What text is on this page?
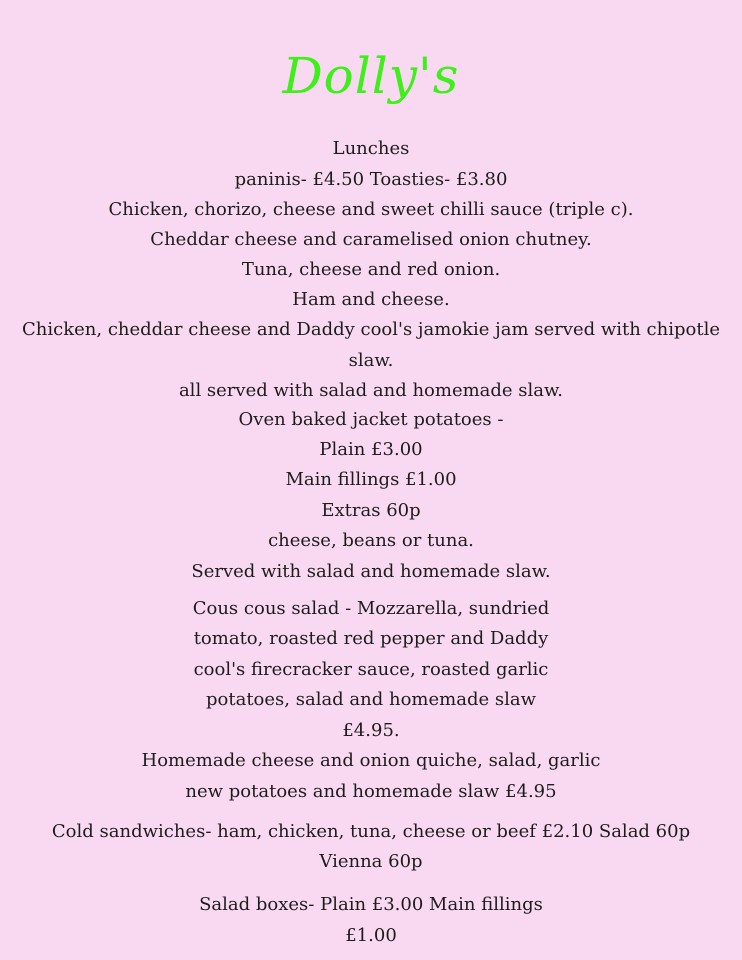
Dolly's
Lunches
paninis- £4.50 Toasties- £3.80
Chicken, chorizo, cheese and sweet chilli sauce (triple c).
Cheddar cheese and caramelised onion chutney.
Tuna, cheese and red onion.
Ham and cheese.
Chicken, cheddar cheese and Daddy cool's jamokie jam served with chipotle
slaw.
all served with salad and homemade slaw.
Oven baked jacket potatoes -
Plain £3.00
Main fillings £1.00
Extras 60p
cheese, beans or tuna.
Served with salad and homemade slaw.
Cous cous salad - Mozzarella, sundried
tomato, roasted red pepper and Daddy
cool's firecracker sauce, roasted garlic
potatoes, salad and homemade slaw
£4.95.
Homemade cheese and onion quiche, salad, garlic
new potatoes and homemade slaw £4.95
Cold sandwiches- ham, chicken, tuna, cheese or beef £2.10 Salad 60p
Vienna 60p
Salad boxes- Plain £3.00 Main fillings
£1.00
